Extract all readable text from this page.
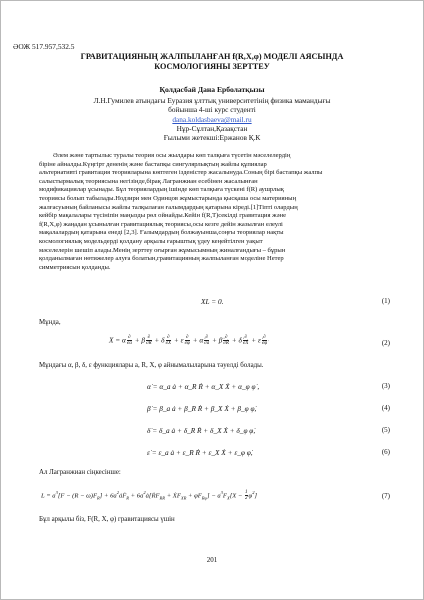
ӘОЖ 517.957,532.5
ГРАВИТАЦИЯНЫҢ ЖАЛПЫЛАНҒАН f(R,X,φ) МОДЕЛІ АЯСЫНДА
КОСМОЛОГИЯНЫ ЗЕРТТЕУ
Қолдасбай Дана Ерболатқызы
Л.Н.Гумилев атындағы Еуразия ұлттық университетінің физика мамандығы
бойынша 4-ші курс студенті
dana.koldasbaeva@mail.ru
Нұр-Сұлтан,Қазақстан
Ғылыми жетекші:Ержанов Қ.К
Әлем және тартылыс туралы теория осы жылдары көп талқыға түсетін мәселелердің
біріне айналды.Күңгірт дененің және бастапқы сингулярлықтың жайлы құпиялар
альтернативті гравитация теорияларына көптеген ізденістер жасалынуда.Соның бірі бастапқы жалпы
салыстырмалық теориясына негізінде,бірақ Лагранжиан есебінен жасалынған
модификациялар ұсынады. Бұл теориялардың ішінде көп талқыға түскені f(R) аушрлық
теориясы болып табылады.Нодзири мен Одинцов жұмыстарында қысқаша осы материяның
жалғасуының байланысы жайлы талқылаған ғалымдардың қатарына кіреді.[1]Тіпті олардың
кейбір мақалалары түсініпін маңызды рөл ойнайды.Кейін f(R,T)секілді гравитация және
f(R,X,φ) жаңадан ұсынылған гравитациялық теориясы,осы кезге дейін жазылған елеулі
мақалалардың қатарына енеді [2,3]. Ғалымдардың болжауынша,соңғы теориялар нақты
космологиялық модельдерді қолдану арқылы ғарыштық үдеу кеңейтілген уақыт
мәселелерін шешіп алады.Менің зерттеу оғырған жұмысымның жиналғандығы – бұрын
қолданылмаған нөтижелер алуға болатын,гравитацияның жалпыланған моделіне Нетер
симметриясын қолданды.
XL = 0.	(1)
Мұнда,
X = α $\frac{\partial}{\partial a} + \beta \frac{\partial}{\partial R} + \delta \frac{\partial}{\partial X} + \varepsilon \frac{\partial}{\partial\varphi}$ + α̇ $\frac{\partial}{\partial ȧ}$ + β̇ $\frac{\partial}{\text{∂Ṙ}}$ + δ̇ $\frac{\partial}{\text{∂Ẋ}}$ + ε̇ $\frac{\partial}{\partial\varphi̇}$	(2)
Мұндағы α, β, δ, ε функциялары a, R, X, φ айнымалыларына тәуелді болады.
α̇ = α_a ȧ + α_R Ṙ + α_X Ẋ + α_φ φ̇ ,	(3)
β̇ = β_a ȧ + β_R Ṙ + β_X Ẋ + β_φ φ̇,	(4)
δ̇ = δ_a ȧ + δ_R Ṙ + δ_X Ẋ + δ_φ φ̇,	(5)
ε̇ = ε_a ȧ + ε_R Ṙ + ε_X Ẋ + ε_φ φ̇,	(6)
Ал Лагранжиан сіңкесінше:
$L = a^3[F - (R - \omega)F_R]$ + $6a^2ȧḞ_R$ + $6a^2ȧ[ṘF_{RR}$ + ẊF$_{XR}$ + $\varphi̇F_{R\varphi}] - a^3F_X[X - \frac{1}{2}$ φ̇$^2$]	(7)
Бұл арқылы біз, F(R, X, φ) гравитациясы үшін
201
